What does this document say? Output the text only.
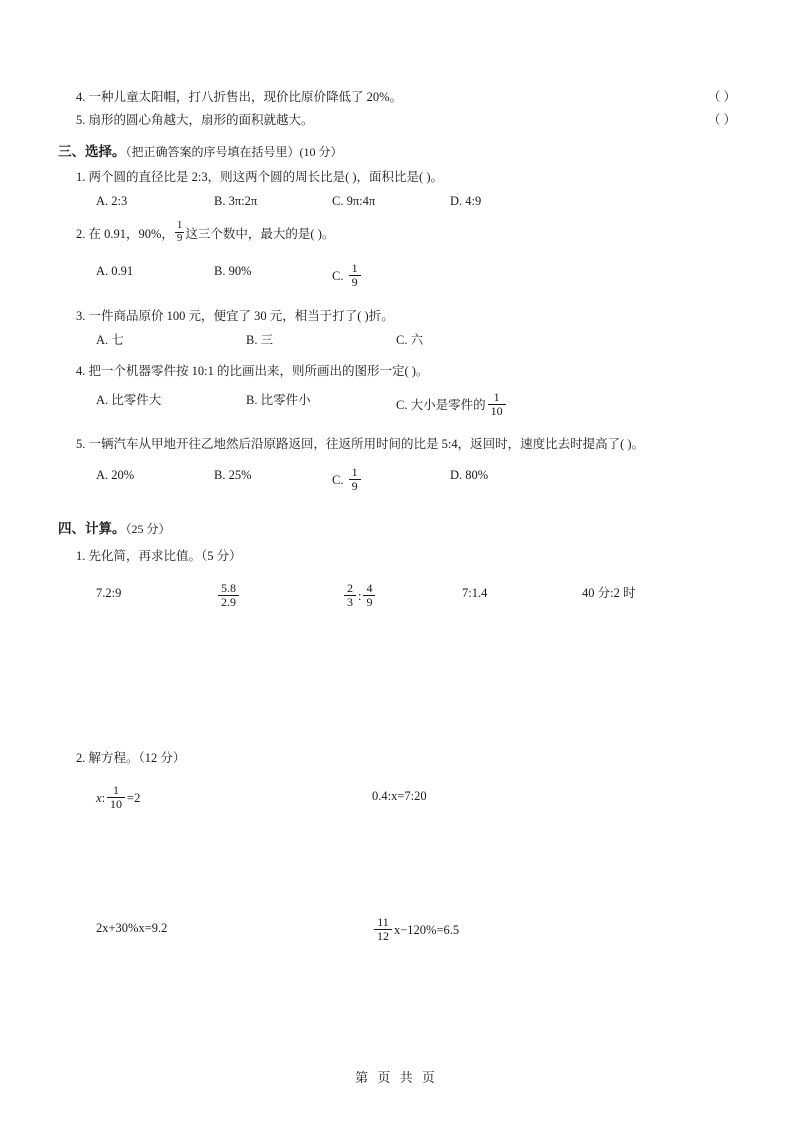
4. 一种儿童太阳帽，打八折售出，现价比原价降低了 20%。	（ ）
5. 扇形的圆心角越大，扇形的面积就越大。	（ ）
三、选择。（把正确答案的序号填在括号里）(10 分）
1. 两个圆的直径比是 2:3，则这两个圆的周长比是( )，面积比是( )。
A. 2:3	B. 3π:2π	C. 9π:4π	D. 4:9
2. 在 0.91，90%， $\frac{1}{9}$ 这三个数中，最大的是( )。
A. 0.91	B. 90%	C. $\frac{1}{9}$
3. 一件商品原价 100 元，便宜了 30 元，相当于打了( )折。
A. 七	B. 三	C. 六
4. 把一个机器零件按 10:1 的比画出来，则所画出的图形一定( )。
A. 比零件大	B. 比零件小	C. 大小是零件的 $\frac{1}{10}$
5. 一辆汽车从甲地开往乙地然后沿原路返回，往返所用时间的比是 5:4，返回时，速度比去时提高了( )。
A. 20%	B. 25%	C. $\frac{1}{9}$	D. 80%
四、计算。（25 分）
1. 先化简，再求比值。（5 分）
7.2:9	$\frac{5.8}{2.9}$	$\frac{2}{3}$ : $\frac{4}{9}$	7:1.4	40 分:2 时
2. 解方程。（12 分）
x: $\frac{1}{10} =2$	0.4:x=7:20
2x+30%x=9.2	$\frac{11}{12} x-120\%=6.5$
第 页 共 页
